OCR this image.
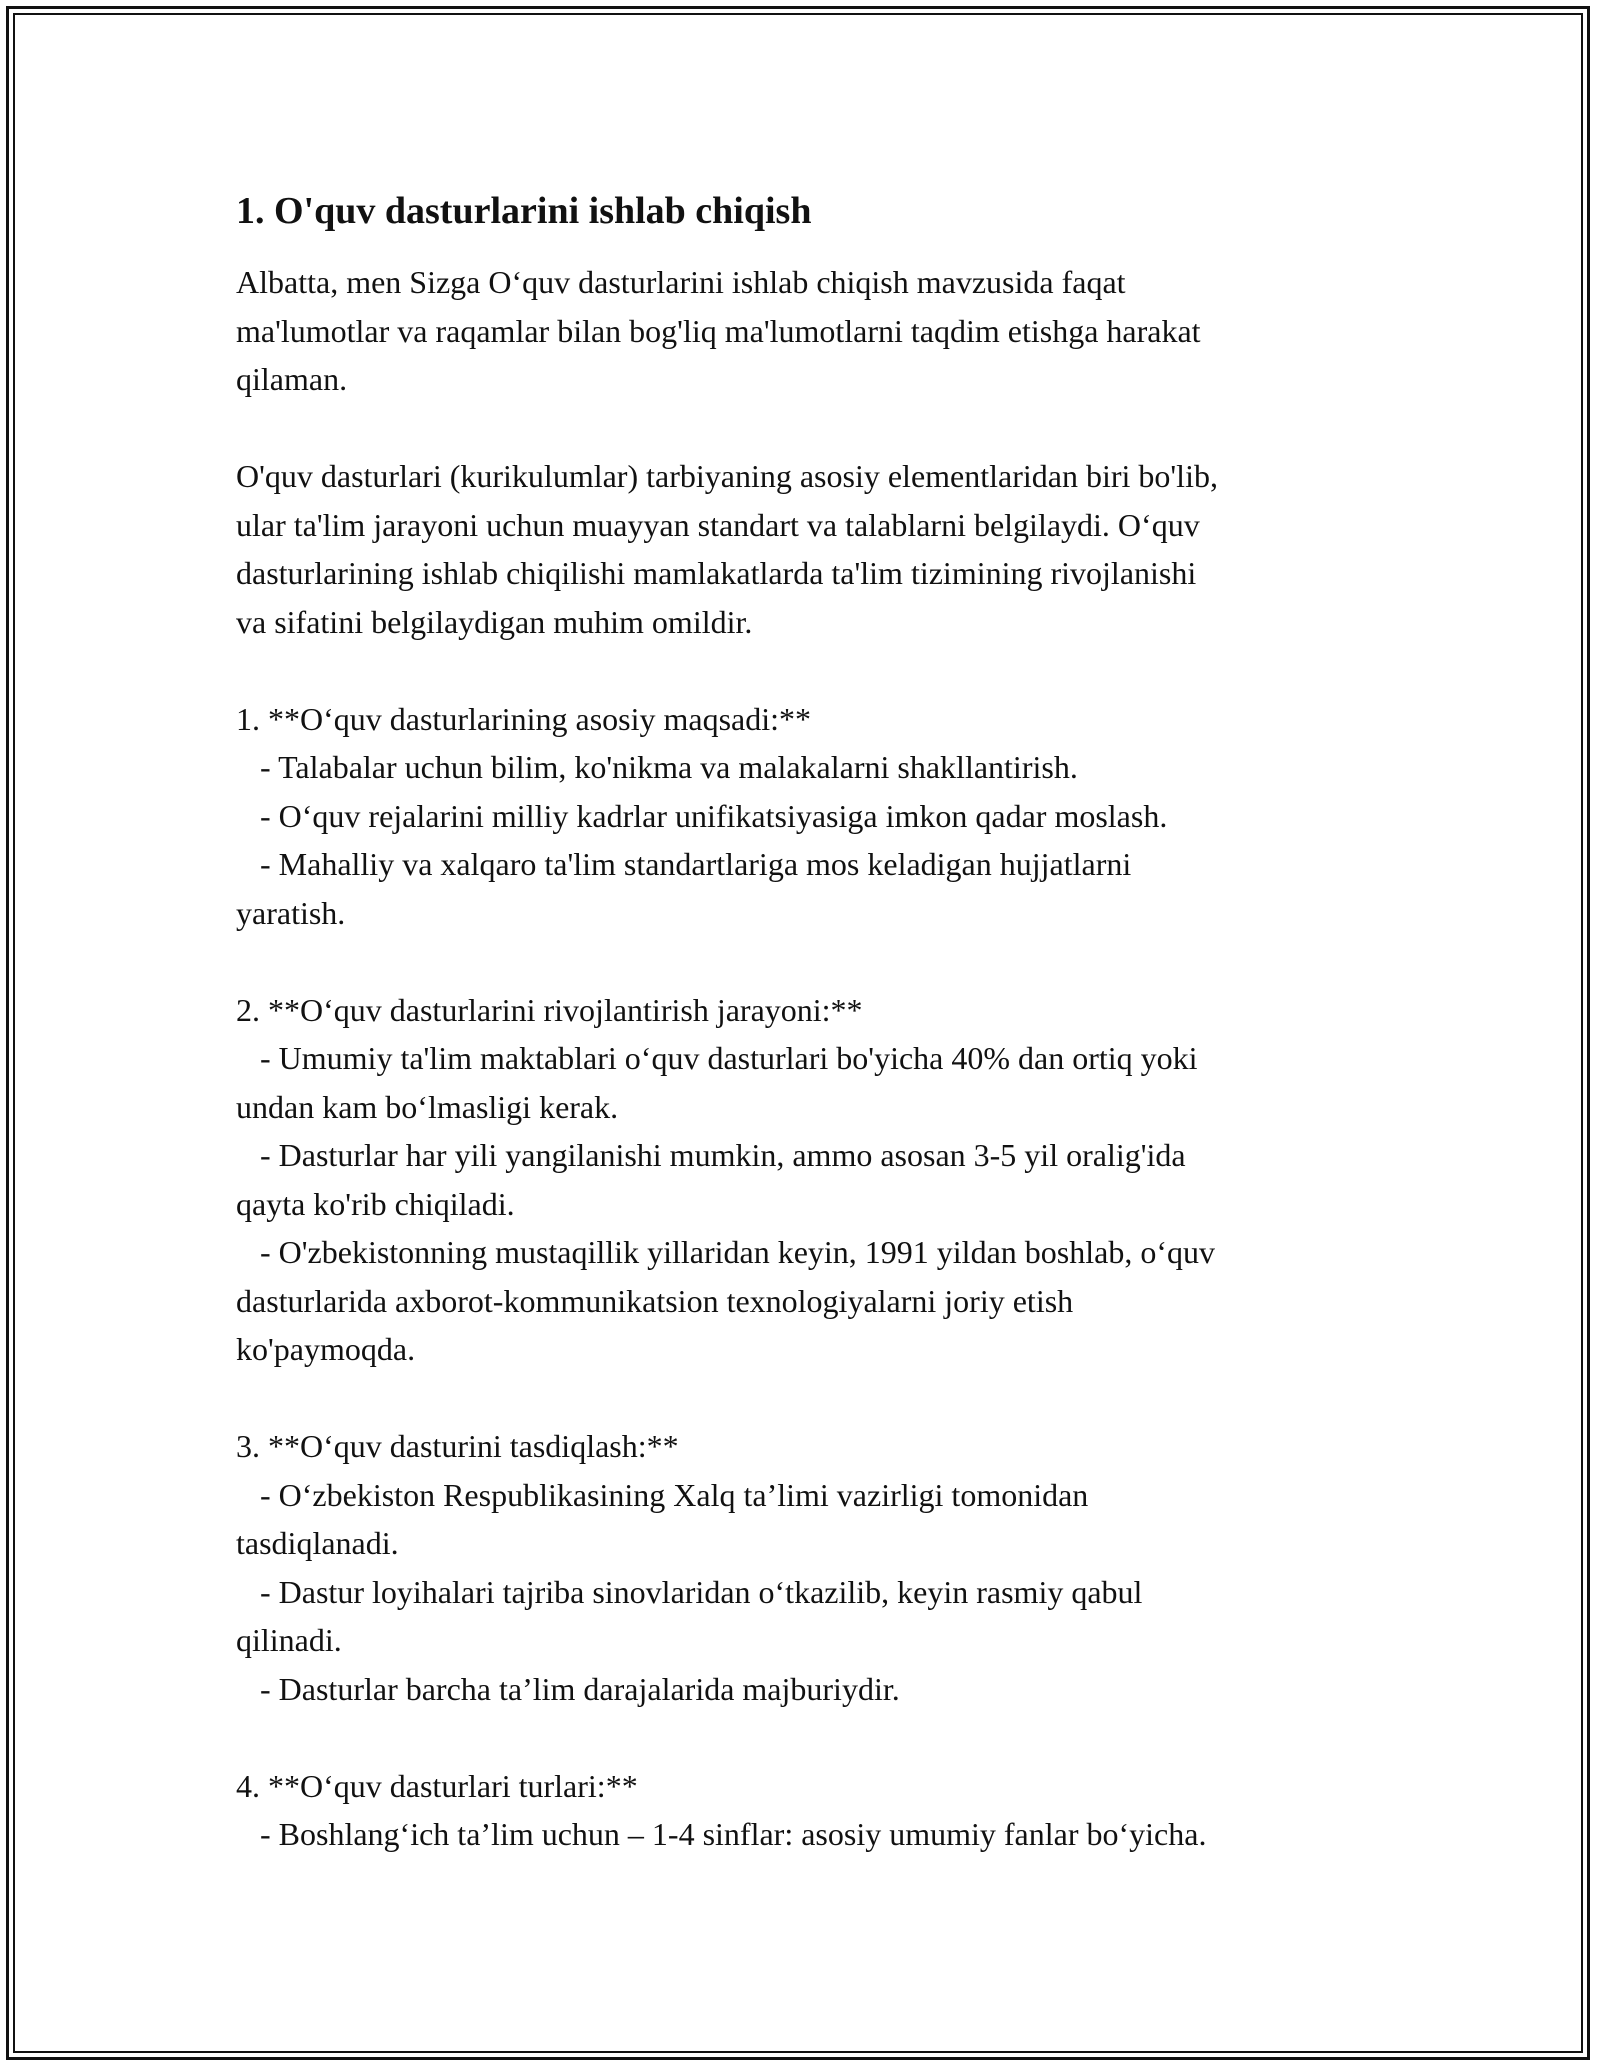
1. O'quv dasturlarini ishlab chiqish
Albatta, men Sizga O‘quv dasturlarini ishlab chiqish mavzusida faqat
ma'lumotlar va raqamlar bilan bog'liq ma'lumotlarni taqdim etishga harakat
qilaman.
O'quv dasturlari (kurikulumlar) tarbiyaning asosiy elementlaridan biri bo'lib,
ular ta'lim jarayoni uchun muayyan standart va talablarni belgilaydi. O‘quv
dasturlarining ishlab chiqilishi mamlakatlarda ta'lim tizimining rivojlanishi
va sifatini belgilaydigan muhim omildir.
1. **O‘quv dasturlarining asosiy maqsadi:**
- Talabalar uchun bilim, ko'nikma va malakalarni shakllantirish.
- O‘quv rejalarini milliy kadrlar unifikatsiyasiga imkon qadar moslash.
- Mahalliy va xalqaro ta'lim standartlariga mos keladigan hujjatlarni
yaratish.
2. **O‘quv dasturlarini rivojlantirish jarayoni:**
- Umumiy ta'lim maktablari o‘quv dasturlari bo'yicha 40% dan ortiq yoki
undan kam bo‘lmasligi kerak.
- Dasturlar har yili yangilanishi mumkin, ammo asosan 3-5 yil oralig'ida
qayta ko'rib chiqiladi.
- O'zbekistonning mustaqillik yillaridan keyin, 1991 yildan boshlab, o‘quv
dasturlarida axborot-kommunikatsion texnologiyalarni joriy etish
ko'paymoqda.
3. **O‘quv dasturini tasdiqlash:**
- O‘zbekiston Respublikasining Xalq ta’limi vazirligi tomonidan
tasdiqlanadi.
- Dastur loyihalari tajriba sinovlaridan o‘tkazilib, keyin rasmiy qabul
qilinadi.
- Dasturlar barcha ta’lim darajalarida majburiydir.
4. **O‘quv dasturlari turlari:**
- Boshlang‘ich ta’lim uchun – 1-4 sinflar: asosiy umumiy fanlar bo‘yicha.
